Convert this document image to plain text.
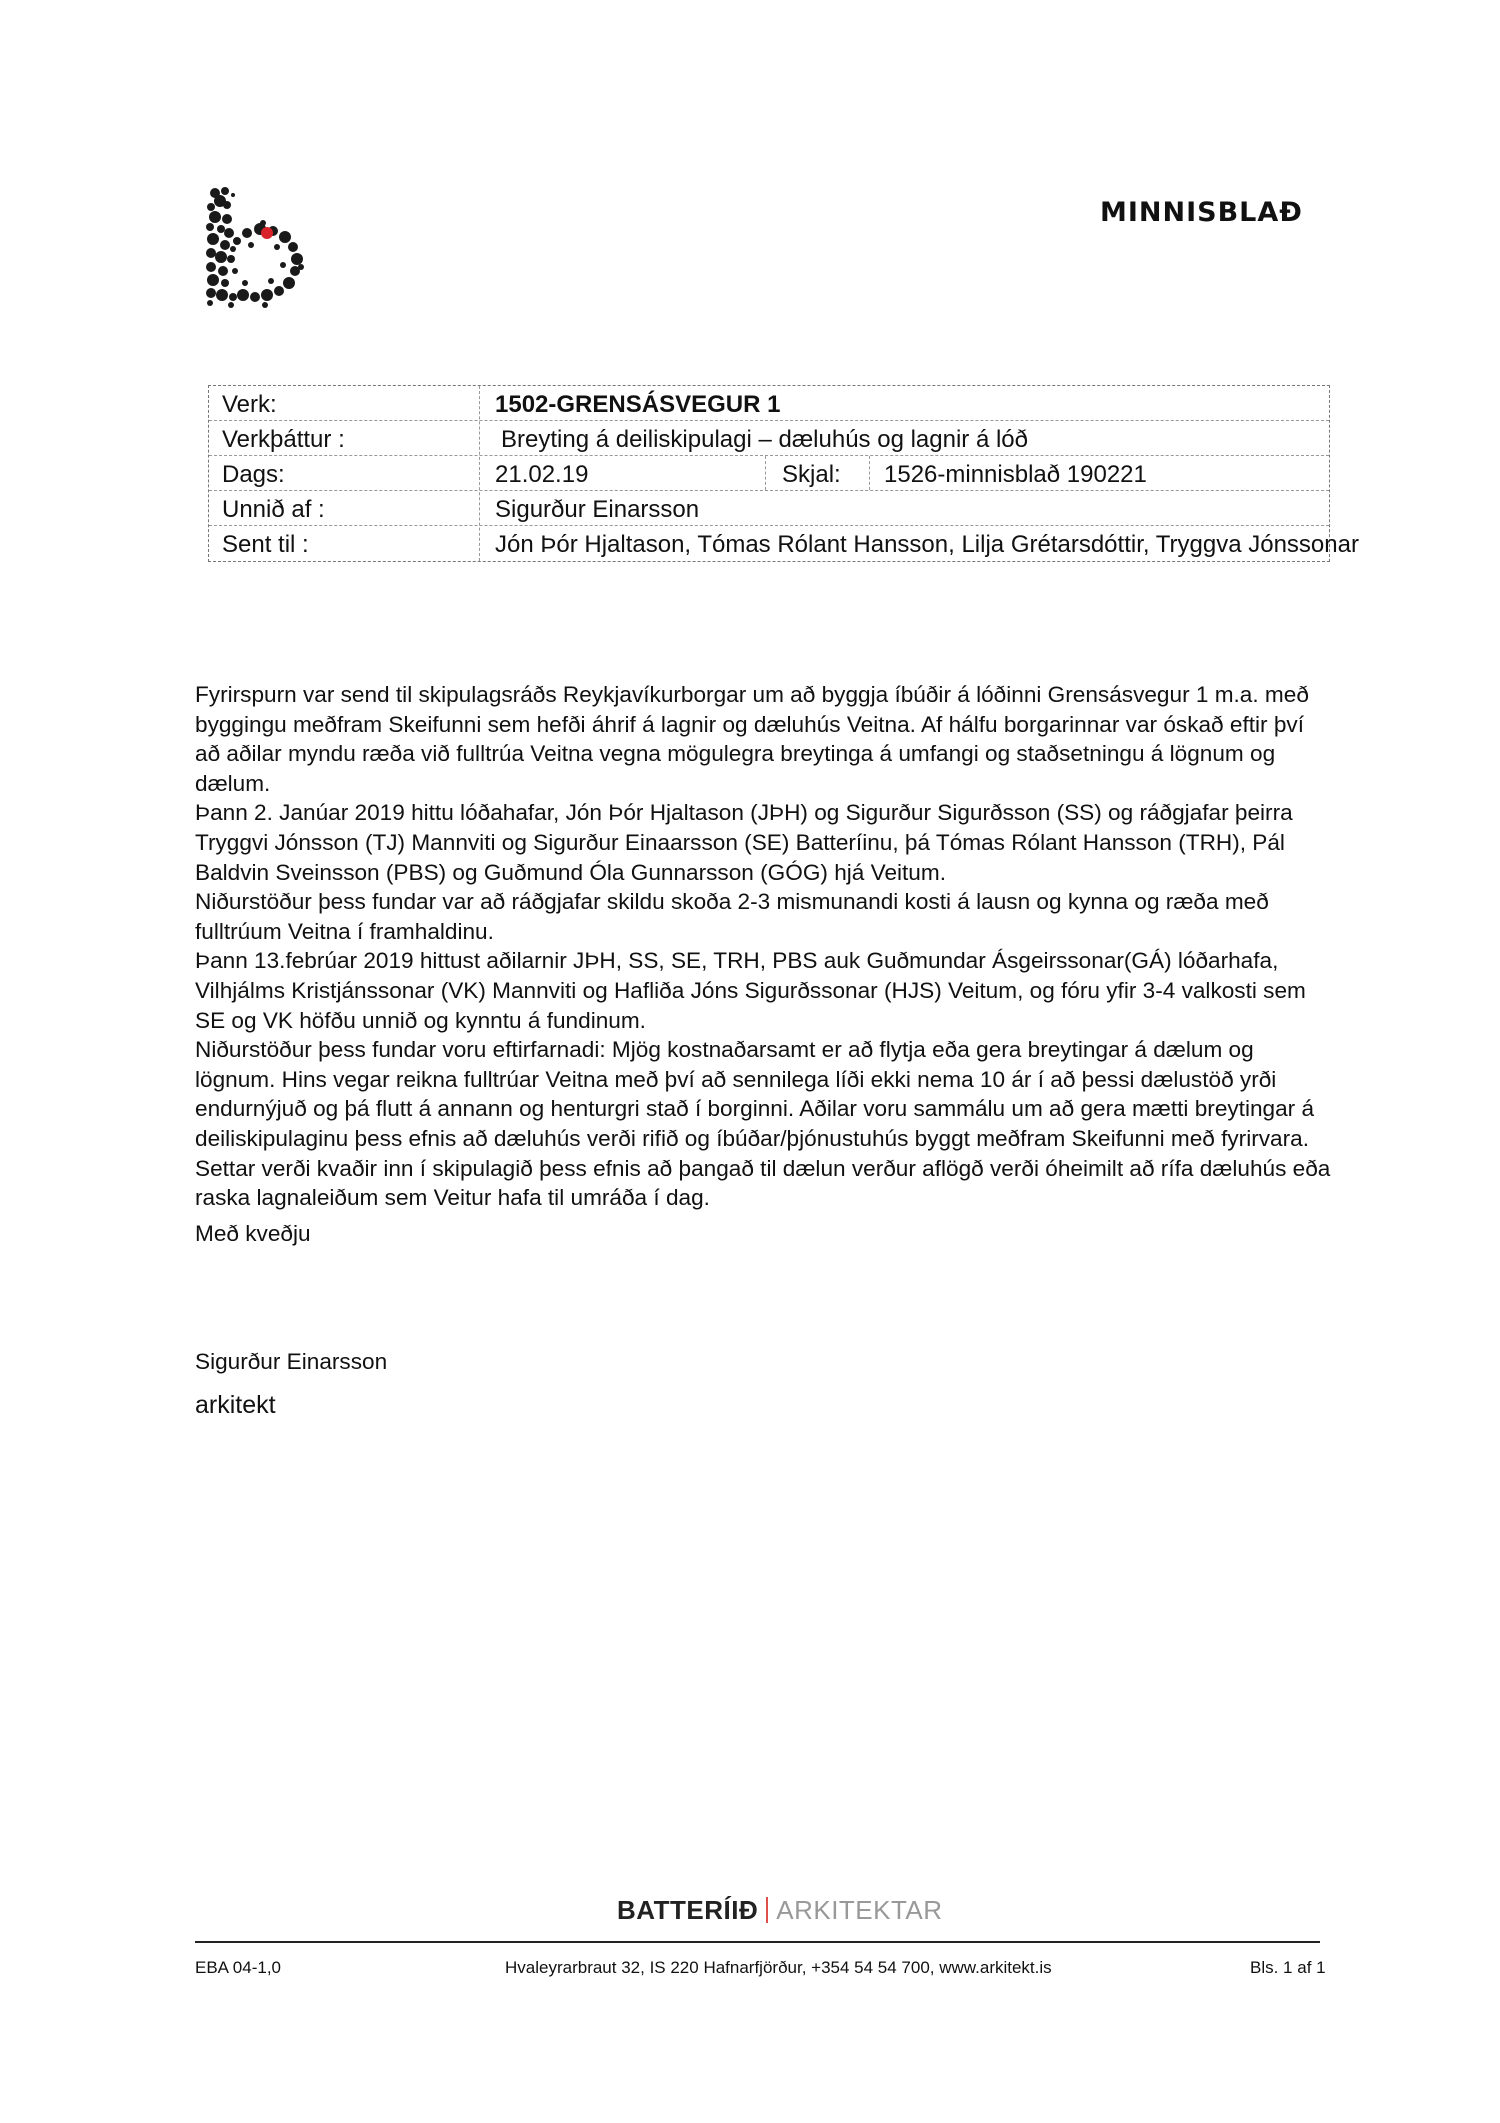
MINNISBLAÐ
Verk:	1502-GRENSÁSVEGUR 1
Verkþáttur :	Breyting á deiliskipulagi – dæluhús og lagnir á lóð
Dags:	21.02.19	Skjal: 1526-minnisblað 190221
Unnið af :	Sigurður Einarsson
Sent til :	Jón Þór Hjaltason, Tómas Rólant Hansson, Lilja Grétarsdóttir, Tryggva Jónssonar

Fyrirspurn var send til skipulagsráðs Reykjavíkurborgar um að byggja íbúðir á lóðinni Grensásvegur 1 m.a. með byggingu meðfram Skeifunni sem hefði áhrif á lagnir og dæluhús Veitna. Af hálfu borgarinnar var óskað eftir því að aðilar myndu ræða við fulltrúa Veitna vegna mögulegra breytinga á umfangi og staðsetningu á lögnum og dælum.

Þann 2. Janúar 2019 hittu lóðahafar, Jón Þór Hjaltason (JÞH) og Sigurður Sigurðsson (SS) og ráðgjafar þeirra Tryggvi Jónsson (TJ) Mannviti og Sigurður Einaarsson (SE) Batteríinu, þá Tómas Rólant Hansson (TRH), Pál Baldvin Sveinsson (PBS) og Guðmund Óla Gunnarsson (GÓG) hjá Veitum.

Niðurstöður þess fundar var að ráðgjafar skildu skoða 2-3 mismunandi kosti á lausn og kynna og ræða með fulltrúum Veitna í framhaldinu.

Þann 13.febrúar 2019 hittust aðilarnir JÞH, SS, SE, TRH, PBS auk Guðmundar Ásgeirssonar(GÁ) lóðarhafa, Vilhjálms Kristjánssonar (VK) Mannviti og Hafliða Jóns Sigurðssonar (HJS) Veitum, og fóru yfir 3-4 valkosti sem SE og VK höfðu unnið og kynntu á fundinum.

Niðurstöður þess fundar voru eftirfarnadi: Mjög kostnaðarsamt er að flytja eða gera breytingar á dælum og lögnum. Hins vegar reikna fulltrúar Veitna með því að sennilega líði ekki nema 10 ár í að þessi dælustöð yrði endurnýjuð og þá flutt á annann og henturgri stað í borginni. Aðilar voru sammálu um að gera mætti breytingar á deiliskipulaginu þess efnis að dæluhús verði rifið og íbúðar/þjónustuhús byggt meðfram Skeifunni með fyrirvara. Settar verði kvaðir inn í skipulagið þess efnis að þangað til dælun verður aflögð verði óheimilt að rífa dæluhús eða raska lagnaleiðum sem Veitur hafa til umráða í dag.

Með kveðju
Sigurður Einarsson
arkitekt
BATTERÍIÐ ARKITEKTAR
EBA 04-1,0	Hvaleyrarbraut 32, IS 220 Hafnarfjörður, +354 54 54 700, www.arkitekt.is	Bls. 1 af 1
